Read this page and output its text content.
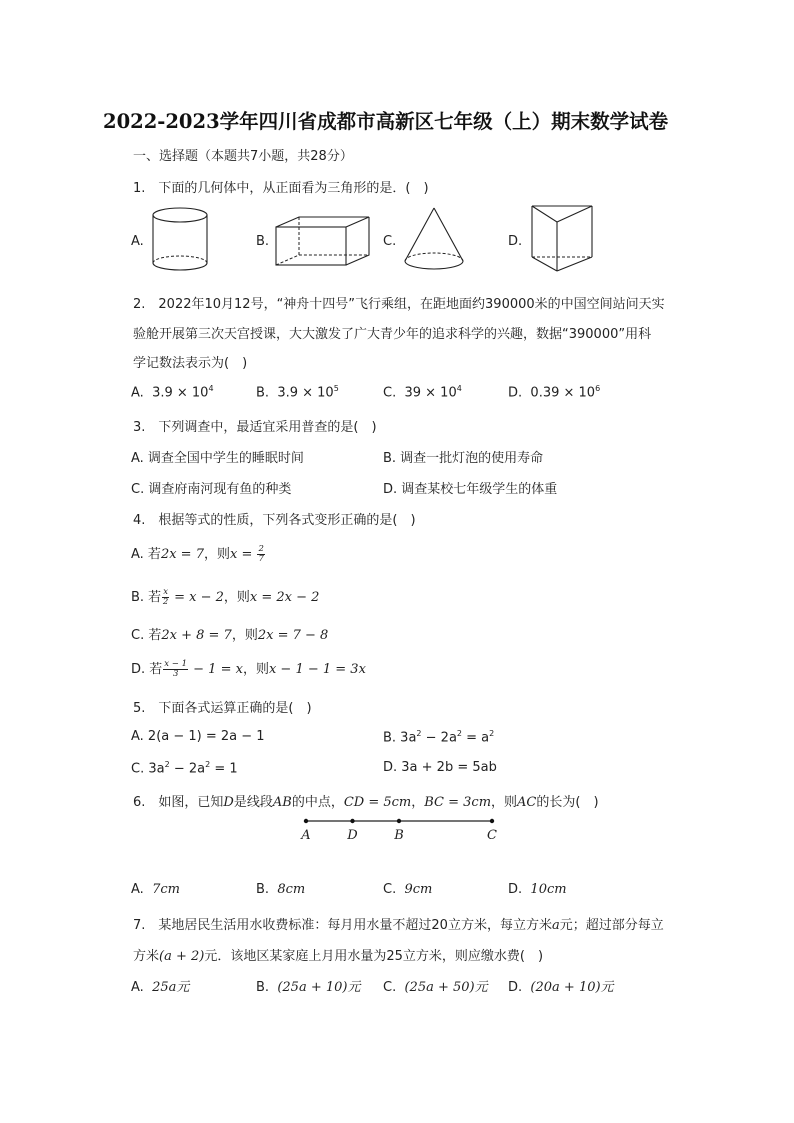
2022-2023学年四川省成都市高新区七年级（上）期末数学试卷
一、选择题（本题共7小题，共28分）
1.　下面的几何体中，从正面看为三角形的是．(　)
A.	B.	C.	D.
2.　2022年10月12号，“神舟十四号”飞行乘组，在距地面约390000米的中国空间站问天实
验舱开展第三次天宫授课，大大激发了广大青少年的追求科学的兴趣，数据“390000”用科
学记数法表示为(　)
A. $3.9 \times 10^4$	B. $3.9 \times 10^5$	C. $39 \times 10^4$	D. $0.39 \times 10^6$
3.　下列调查中，最适宜采用普查的是(　)
A. 调查全国中学生的睡眠时间	B. 调查一批灯泡的使用寿命
C. 调查府南河现有鱼的种类	D. 调查某校七年级学生的体重
4.　根据等式的性质，下列各式变形正确的是(　)
A. 若2x = 7，则$x = \frac{2}{7}$
B. 若 $\frac{x}{2} = x - 2$，则x = 2x − 2
C. 若2x + 8 = 7，则2x = 7 − 8
D. 若 $\frac{x - 1}{3} - 1 = x$，则x − 1 − 1 = 3x
5.　下面各式运算正确的是(　)
A. 2(a − 1) = 2a − 1	B. $3a^2 - 2a^2 = a^2$
C. $3a^2 - 2a^2 = 1$	D. 3a + 2b = 5ab
6.　如图，已知D是线段AB的中点，CD = 5cm，BC = 3cm，则AC的长为(　)
A	D	B	C
A. 7cm	B. 8cm	C. 9cm	D. 10cm
7.　某地居民生活用水收费标准：每月用水量不超过20立方米，每立方米a元；超过部分每立
方米(a + 2)元．该地区某家庭上月用水量为25立方米，则应缴水费(　)
A. 25a元	B. (25a + 10)元 C. (25a + 50)元 D. (20a + 10)元
